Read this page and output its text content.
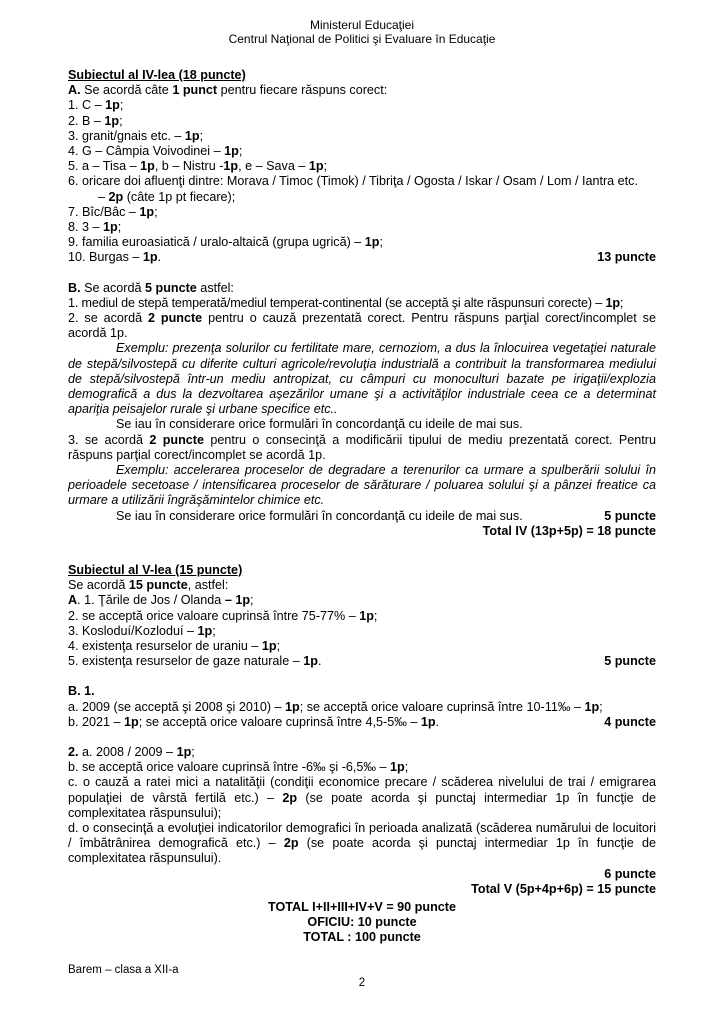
Ministerul Educaţiei
Centrul Naţional de Politici şi Evaluare în Educaţie
Subiectul al IV-lea (18 puncte)
A. Se acordă câte 1 punct pentru fiecare răspuns corect:
1. C – 1p;
2. B – 1p;
3. granit/gnais etc. – 1p;
4. G – Câmpia Voivodinei – 1p;
5. a – Tisa – 1p, b – Nistru -1p, e – Sava – 1p;
6. oricare doi afluenţi dintre: Morava / Timoc (Timok) / Tibriţa / Ogosta / Iskar / Osam / Lom / Iantra etc.
– 2p (câte 1p pt fiecare);
7. Bîc/Bâc – 1p;
8. 3 – 1p;
9. familia euroasiatică / uralo-altaică (grupa ugrică) – 1p;
10. Burgas – 1p.	13 puncte
B. Se acordă 5 puncte astfel:
1. mediul de stepă temperată/mediul temperat-continental (se acceptă şi alte răspunsuri corecte) – 1p;
2. se acordă 2 puncte pentru o cauză prezentată corect. Pentru răspuns parţial corect/incomplet se acordă 1p.
Exemplu: prezenţa solurilor cu fertilitate mare, cernoziom, a dus la înlocuirea vegetaţiei naturale de stepă/silvostepă cu diferite culturi agricole/revoluţia industrială a contribuit la transformarea mediului de stepă/silvostepă într-un mediu antropizat, cu câmpuri cu monoculturi bazate pe irigaţii/explozia demografică a dus la dezvoltarea aşezărilor umane şi a activităţilor industriale ceea ce a determinat apariţia peisajelor rurale şi urbane specifice etc..
Se iau în considerare orice formulări în concordanţă cu ideile de mai sus.
3. se acordă 2 puncte pentru o consecinţă a modificării tipului de mediu prezentată corect. Pentru răspuns parţial corect/incomplet se acordă 1p.
Exemplu: accelerarea proceselor de degradare a terenurilor ca urmare a spulberării solului în perioadele secetoase / intensificarea proceselor de sărăturare / poluarea solului şi a pânzei freatice ca urmare a utilizării îngrăşămintelor chimice etc.
Se iau în considerare orice formulări în concordanţă cu ideile de mai sus.	5 puncte
Total IV (13p+5p) = 18 puncte
Subiectul al V-lea (15 puncte)
Se acordă 15 puncte, astfel:
A. 1. Ţările de Jos / Olanda – 1p;
2. se acceptă orice valoare cuprinsă între 75-77% – 1p;
3. Kosloduí/Kozloduí – 1p;
4. existenţa resurselor de uraniu – 1p;
5. existenţa resurselor de gaze naturale – 1p.	5 puncte
B. 1.
a. 2009 (se acceptă şi 2008 şi 2010) – 1p; se acceptă orice valoare cuprinsă între 10-11‰ – 1p;
b. 2021 – 1p; se acceptă orice valoare cuprinsă între 4,5-5‰ – 1p.	4 puncte
2. a. 2008 / 2009 – 1p;
b. se acceptă orice valoare cuprinsă între -6‰ şi -6,5‰ – 1p;
c. o cauză a ratei mici a natalităţii (condiţii economice precare / scăderea nivelului de trai / emigrarea populaţiei de vârstă fertilă etc.) – 2p (se poate acorda şi punctaj intermediar 1p în funcţie de complexitatea răspunsului);
d. o consecinţă a evoluţiei indicatorilor demografici în perioada analizată (scăderea numărului de locuitori / îmbătrânirea demografică etc.) – 2p (se poate acorda şi punctaj intermediar 1p în funcţie de complexitatea răspunsului).
6 puncte
Total V (5p+4p+6p) = 15 puncte
TOTAL I+II+III+IV+V = 90 puncte
OFICIU: 10 puncte
TOTAL : 100 puncte
Barem – clasa a XII-a
2
